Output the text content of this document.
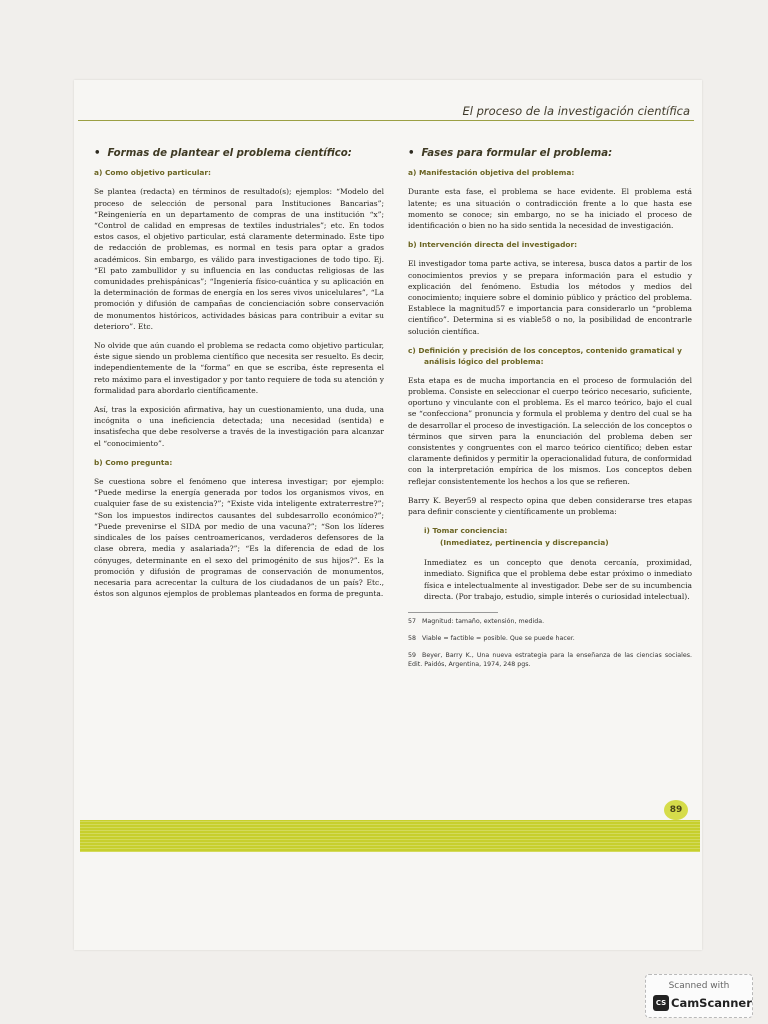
El proceso de la investigación científica
• Formas de plantear el problema científico:
a) Como objetivo particular:

Se plantea (redacta) en términos de resultado(s); ejemplos: “Modelo del proceso de selección de personal para Instituciones Bancarias”; “Reingeniería en un departamento de compras de una institución “x”; “Control de calidad en empresas de textiles industriales”; etc. En todos estos casos, el objetivo particular, está claramente determinado. Este tipo de redacción de problemas, es normal en tesis para optar a grados académicos. Sin embargo, es válido para investigaciones de todo tipo. Ej. “El pato zambullidor y su influencia en las conductas religiosas de las comunidades prehispánicas”; “Ingeniería físico-cuántica y su aplicación en la determinación de formas de energía en los seres vivos unicelulares”, “La promoción y difusión de campañas de concienciación sobre conservación de monumentos históricos, actividades básicas para contribuir a evitar su deterioro”. Etc.

No olvide que aún cuando el problema se redacta como objetivo particular, éste sigue siendo un problema científico que necesita ser resuelto. Es decir, independientemente de la “forma” en que se escriba, éste representa el reto máximo para el investigador y por tanto requiere de toda su atención y formalidad para abordarlo científicamente.

Así, tras la exposición afirmativa, hay un cuestionamiento, una duda, una incógnita o una ineficiencia detectada; una necesidad (sentida) e insatisfecha que debe resolverse a través de la investigación para alcanzar el “conocimiento”.

b) Como pregunta:

Se cuestiona sobre el fenómeno que interesa investigar; por ejemplo: “Puede medirse la energía generada por todos los organismos vivos, en cualquier fase de su existencia?”; “Existe vida inteligente extraterrestre?”; “Son los impuestos indirectos causantes del subdesarrollo económico?”; “Puede prevenirse el SIDA por medio de una vacuna?”; “Son los líderes sindicales de los países centroamericanos, verdaderos defensores de la clase obrera, media y asalariada?”; “Es la diferencia de edad de los cónyuges, determinante en el sexo del primogénito de sus hijos?”. Es la promoción y difusión de programas de conservación de monumentos, necesaria para acrecentar la cultura de los ciudadanos de un país? Etc., éstos son algunos ejemplos de problemas planteados en forma de pregunta.

• Fases para formular el problema:
a) Manifestación objetiva del problema:

Durante esta fase, el problema se hace evidente. El problema está latente; es una situación o contradicción frente a lo que hasta ese momento se conoce; sin embargo, no se ha iniciado el proceso de identificación o bien no ha sido sentida la necesidad de investigación.

b) Intervención directa del investigador:

El investigador toma parte activa, se interesa, busca datos a partir de los conocimientos previos y se prepara información para el estudio y explicación del fenómeno. Estudia los métodos y medios del conocimiento; inquiere sobre el dominio público y práctico del problema. Establece la magnitud57 e importancia para considerarlo un “problema científico”. Determina si es viable58 o no, la posibilidad de encontrarle solución científica.

c) Definición y precisión de los conceptos, contenido gramatical y análisis lógico del problema:

Esta etapa es de mucha importancia en el proceso de formulación del problema. Consiste en seleccionar el cuerpo teórico necesario, suficiente, oportuno y vinculante con el problema. Es el marco teórico, bajo el cual se “confecciona” pronuncia y formula el problema y dentro del cual se ha de desarrollar el proceso de investigación. La selección de los conceptos o términos que sirven para la enunciación del problema deben ser consistentes y congruentes con el marco teórico científico; deben estar claramente definidos y permitir la operacionalidad futura, de conformidad con la interpretación empírica de los mismos. Los conceptos deben reflejar consistentemente los hechos a los que se refieren.

Barry K. Beyer59 al respecto opina que deben considerarse tres etapas para definir consciente y científicamente un problema:

i) Tomar conciencia:
(Inmediatez, pertinencia y discrepancia)

Inmediatez es un concepto que denota cercanía, proximidad, inmediato. Significa que el problema debe estar próximo o inmediato física e intelectualmente al investigador. Debe ser de su incumbencia directa. (Por trabajo, estudio, simple interés o curiosidad intelectual).

57 Magnitud: tamaño, extensión, medida.

58 Viable = factible = posible. Que se puede hacer.

59 Beyer, Barry K., Una nueva estrategia para la enseñanza de las ciencias sociales. Edit. Paidós, Argentina, 1974, 248 pgs.

89
Scanned with
CS CamScanner
